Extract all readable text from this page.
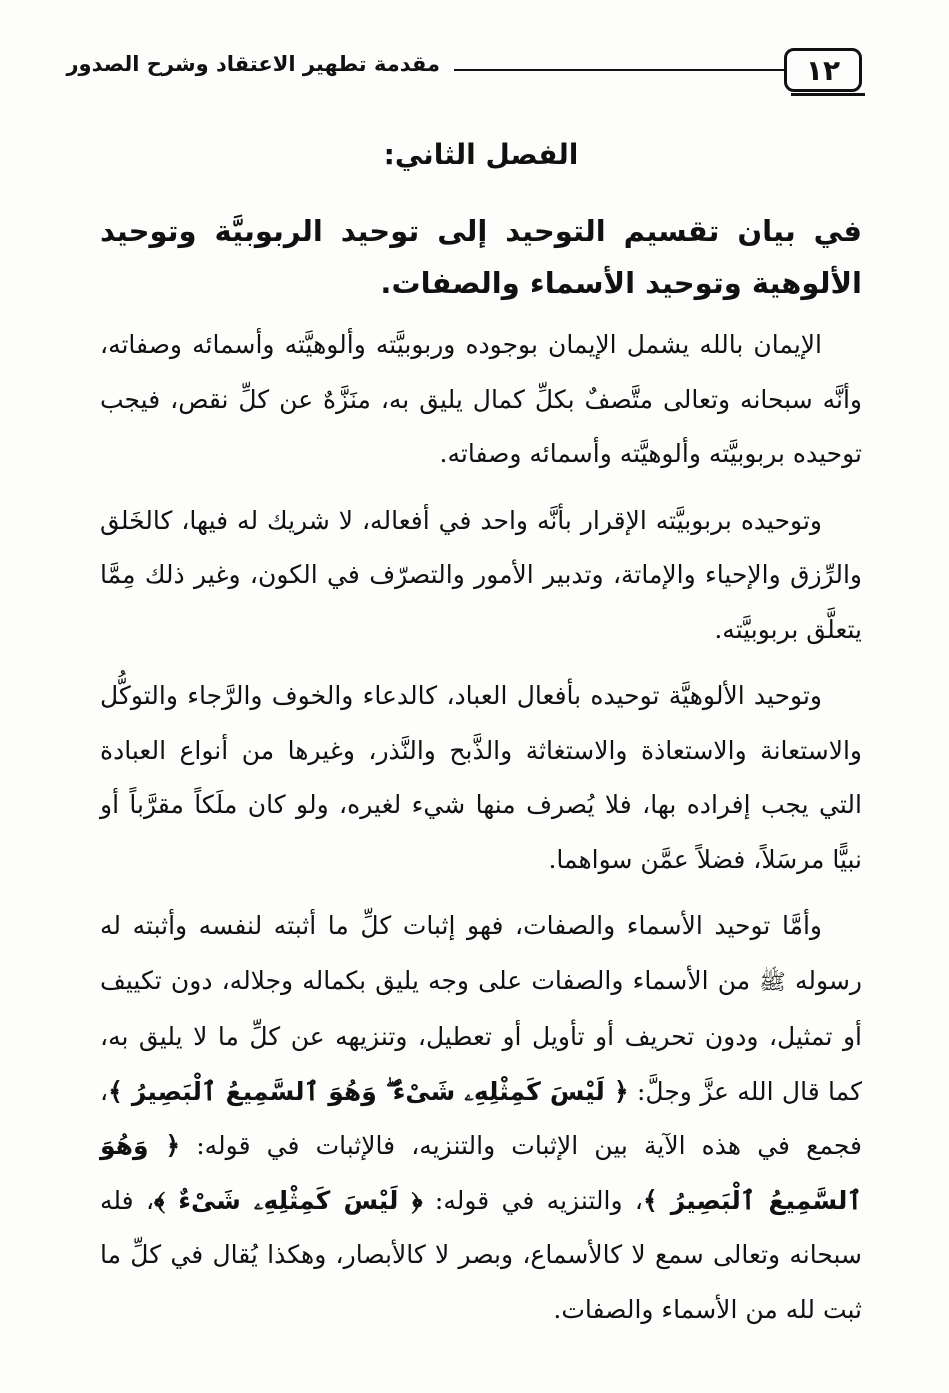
١٢
مقدمة تطهير الاعتقاد وشرح الصدور
الفصل الثاني:
في بيان تقسيم التوحيد إلى توحيد الربوبيَّة وتوحيد الألوهية وتوحيد الأسماء والصفات.

الإيمان بالله يشمل الإيمان بوجوده وربوبيَّته وألوهيَّته وأسمائه وصفاته، وأنَّه سبحانه وتعالى متَّصفٌ بكلِّ كمال يليق به، منَزَّهٌ عن كلِّ نقص، فيجب توحيده بربوبيَّته وألوهيَّته وأسمائه وصفاته.

وتوحيده بربوبيَّته الإقرار بأنَّه واحد في أفعاله، لا شريك له فيها، كالخَلق والرِّزق والإحياء والإماتة، وتدبير الأمور والتصرّف في الكون، وغير ذلك مِمَّا يتعلَّق بربوبيَّته.

وتوحيد الألوهيَّة توحيده بأفعال العباد، كالدعاء والخوف والرَّجاء والتوكُّل والاستعانة والاستعاذة والاستغاثة والذَّبح والنَّذر، وغيرها من أنواع العبادة التي يجب إفراده بها، فلا يُصرف منها شيء لغيره، ولو كان ملَكاً مقرَّباً أو نبيًّا مرسَلاً، فضلاً عمَّن سواهما.

وأمَّا توحيد الأسماء والصفات، فهو إثبات كلِّ ما أثبته لنفسه وأثبته له رسوله ﷺ من الأسماء والصفات على وجه يليق بكماله وجلاله، دون تكييف أو تمثيل، ودون تحريف أو تأويل أو تعطيل، وتنزيهه عن كلِّ ما لا يليق به، كما قال الله عزَّ وجلَّ: ﴿ لَيْسَ كَمِثْلِهِۦ شَىْءٌ ۖ وَهُوَ ٱلسَّمِيعُ ٱلْبَصِيرُ ﴾، فجمع في هذه الآية بين الإثبات والتنزيه، فالإثبات في قوله: ﴿ وَهُوَ ٱلسَّمِيعُ ٱلْبَصِيرُ ﴾، والتنزيه في قوله: ﴿ لَيْسَ كَمِثْلِهِۦ شَىْءٌ ﴾، فله سبحانه وتعالى سمع لا كالأسماع، وبصر لا كالأبصار، وهكذا يُقال في كلِّ ما ثبت لله من الأسماء والصفات.
